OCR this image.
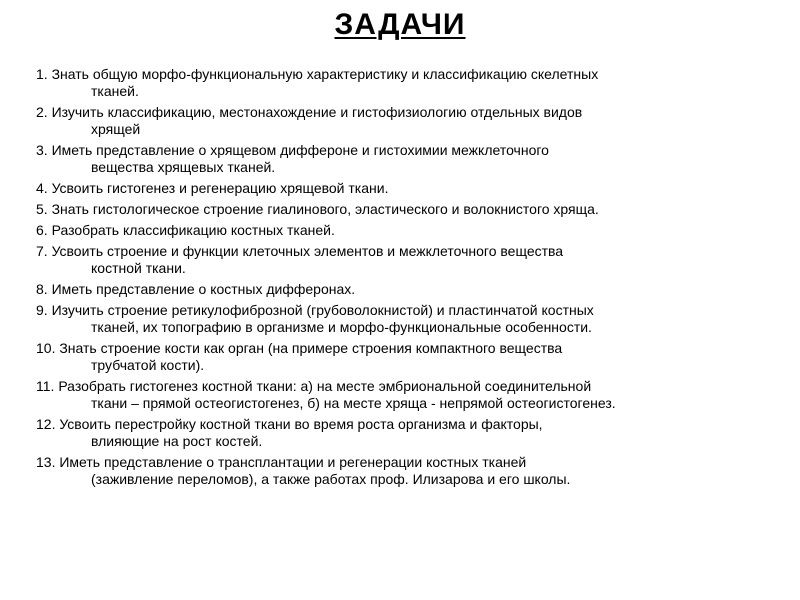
ЗАДАЧИ
1. Знать общую морфо-функциональную характеристику и классификацию скелетных
тканей.
2. Изучить классификацию, местонахождение и гистофизиологию отдельных видов
хрящей
3. Иметь представление о хрящевом диффероне и гистохимии межклеточного
вещества хрящевых тканей.
4. Усвоить гистогенез и регенерацию хрящевой ткани.
5. Знать гистологическое строение гиалинового, эластического и волокнистого хряща.
6. Разобрать классификацию костных тканей.
7. Усвоить строение и функции клеточных элементов и межклеточного вещества
костной ткани.
8. Иметь представление о костных дифферонах.
9. Изучить строение ретикулофиброзной (грубоволокнистой) и пластинчатой костных
тканей, их топографию в организме и морфо-функциональные особенности.
10. Знать строение кости как орган (на примере строения компактного вещества
трубчатой кости).
11. Разобрать гистогенез костной ткани: а) на месте эмбриональной соединительной
ткани – прямой остеогистогенез, б) на месте хряща - непрямой остеогистогенез.
12. Усвоить перестройку костной ткани во время роста организма и факторы,
влияющие на рост костей.
13. Иметь представление о трансплантации и регенерации костных тканей
(заживление переломов), а также работах проф. Илизарова и его школы.
